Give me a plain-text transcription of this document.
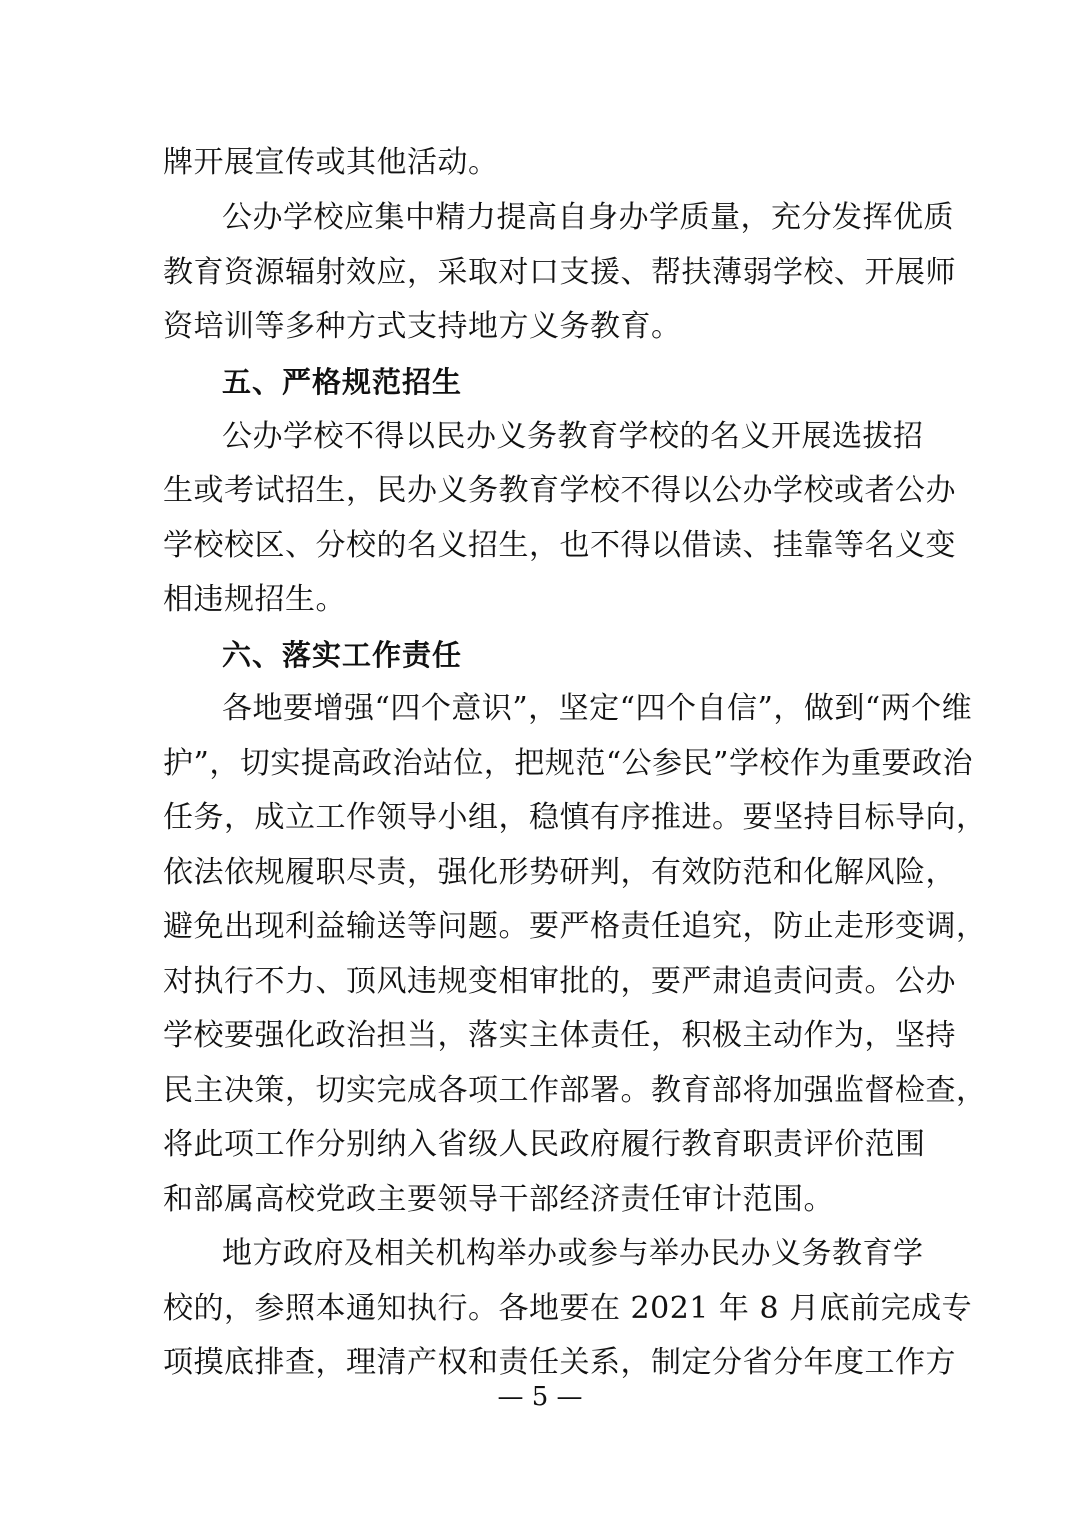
牌开展宣传或其他活动。
公办学校应集中精力提高自身办学质量，充分发挥优质
教育资源辐射效应，采取对口支援、帮扶薄弱学校、开展师
资培训等多种方式支持地方义务教育。
五、严格规范招生
公办学校不得以民办义务教育学校的名义开展选拔招
生或考试招生，民办义务教育学校不得以公办学校或者公办
学校校区、分校的名义招生，也不得以借读、挂靠等名义变
相违规招生。
六、落实工作责任
各地要增强“四个意识”，坚定“四个自信”，做到“两个维
护”，切实提高政治站位，把规范“公参民”学校作为重要政治
任务，成立工作领导小组，稳慎有序推进。要坚持目标导向，
依法依规履职尽责，强化形势研判，有效防范和化解风险，
避免出现利益输送等问题。要严格责任追究，防止走形变调，
对执行不力、顶风违规变相审批的，要严肃追责问责。公办
学校要强化政治担当，落实主体责任，积极主动作为，坚持
民主决策，切实完成各项工作部署。教育部将加强监督检查，
将此项工作分别纳入省级人民政府履行教育职责评价范围
和部属高校党政主要领导干部经济责任审计范围。
地方政府及相关机构举办或参与举办民办义务教育学
校的，参照本通知执行。各地要在 2021 年 8 月底前完成专
项摸底排查，理清产权和责任关系，制定分省分年度工作方
— 5 —
